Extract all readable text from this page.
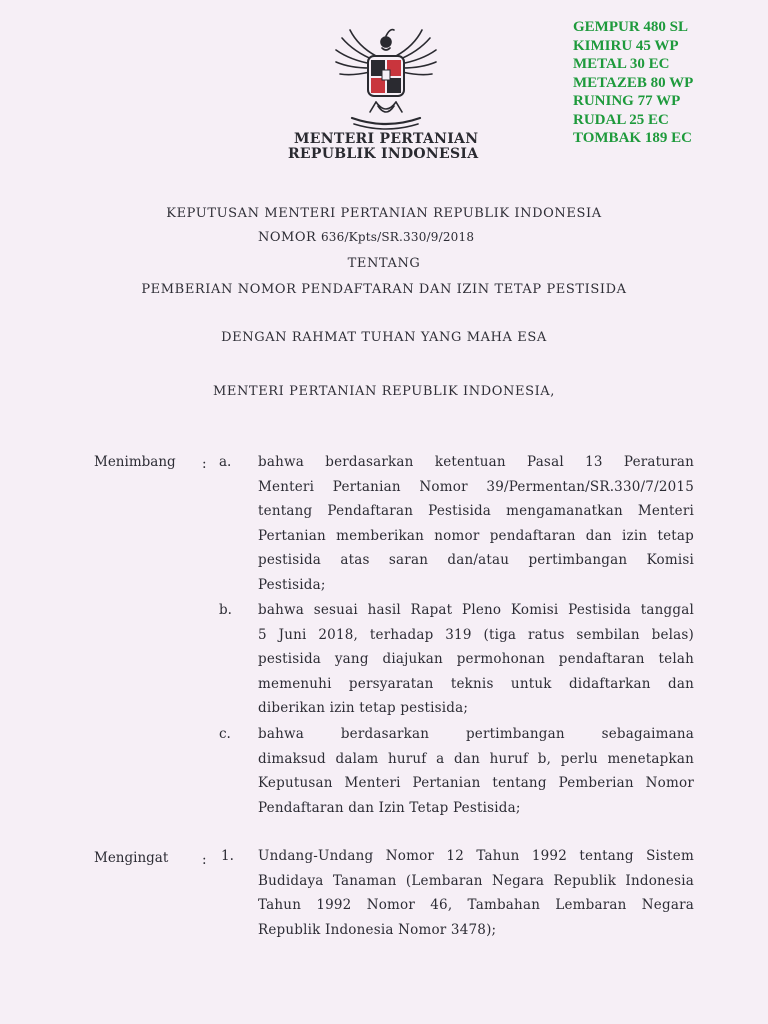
MENTERI PERTANIAN
REPUBLIK INDONESIA
GEMPUR 480 SL
KIMIRU 45 WP
METAL 30 EC
METAZEB 80 WP
RUNING 77 WP
RUDAL 25 EC
TOMBAK 189 EC
KEPUTUSAN MENTERI PERTANIAN REPUBLIK INDONESIA
NOMOR 636/Kpts/SR.330/9/2018
TENTANG
PEMBERIAN NOMOR PENDAFTARAN DAN IZIN TETAP PESTISIDA
DENGAN RAHMAT TUHAN YANG MAHA ESA
MENTERI PERTANIAN REPUBLIK INDONESIA,
Menimbang : a. bahwa berdasarkan ketentuan Pasal 13 Peraturan
Menteri Pertanian Nomor 39/Permentan/SR.330/7/2015
tentang Pendaftaran Pestisida mengamanatkan Menteri
Pertanian memberikan nomor pendaftaran dan izin tetap
pestisida atas saran dan/atau pertimbangan Komisi
Pestisida;
b. bahwa sesuai hasil Rapat Pleno Komisi Pestisida tanggal
5 Juni 2018, terhadap 319 (tiga ratus sembilan belas)
pestisida yang diajukan permohonan pendaftaran telah
memenuhi persyaratan teknis untuk didaftarkan dan
diberikan izin tetap pestisida;
c. bahwa berdasarkan pertimbangan sebagaimana
dimaksud dalam huruf a dan huruf b, perlu menetapkan
Keputusan Menteri Pertanian tentang Pemberian Nomor
Pendaftaran dan Izin Tetap Pestisida;
Mengingat : 1. Undang-Undang Nomor 12 Tahun 1992 tentang Sistem
Budidaya Tanaman (Lembaran Negara Republik Indonesia
Tahun 1992 Nomor 46, Tambahan Lembaran Negara
Republik Indonesia Nomor 3478);
